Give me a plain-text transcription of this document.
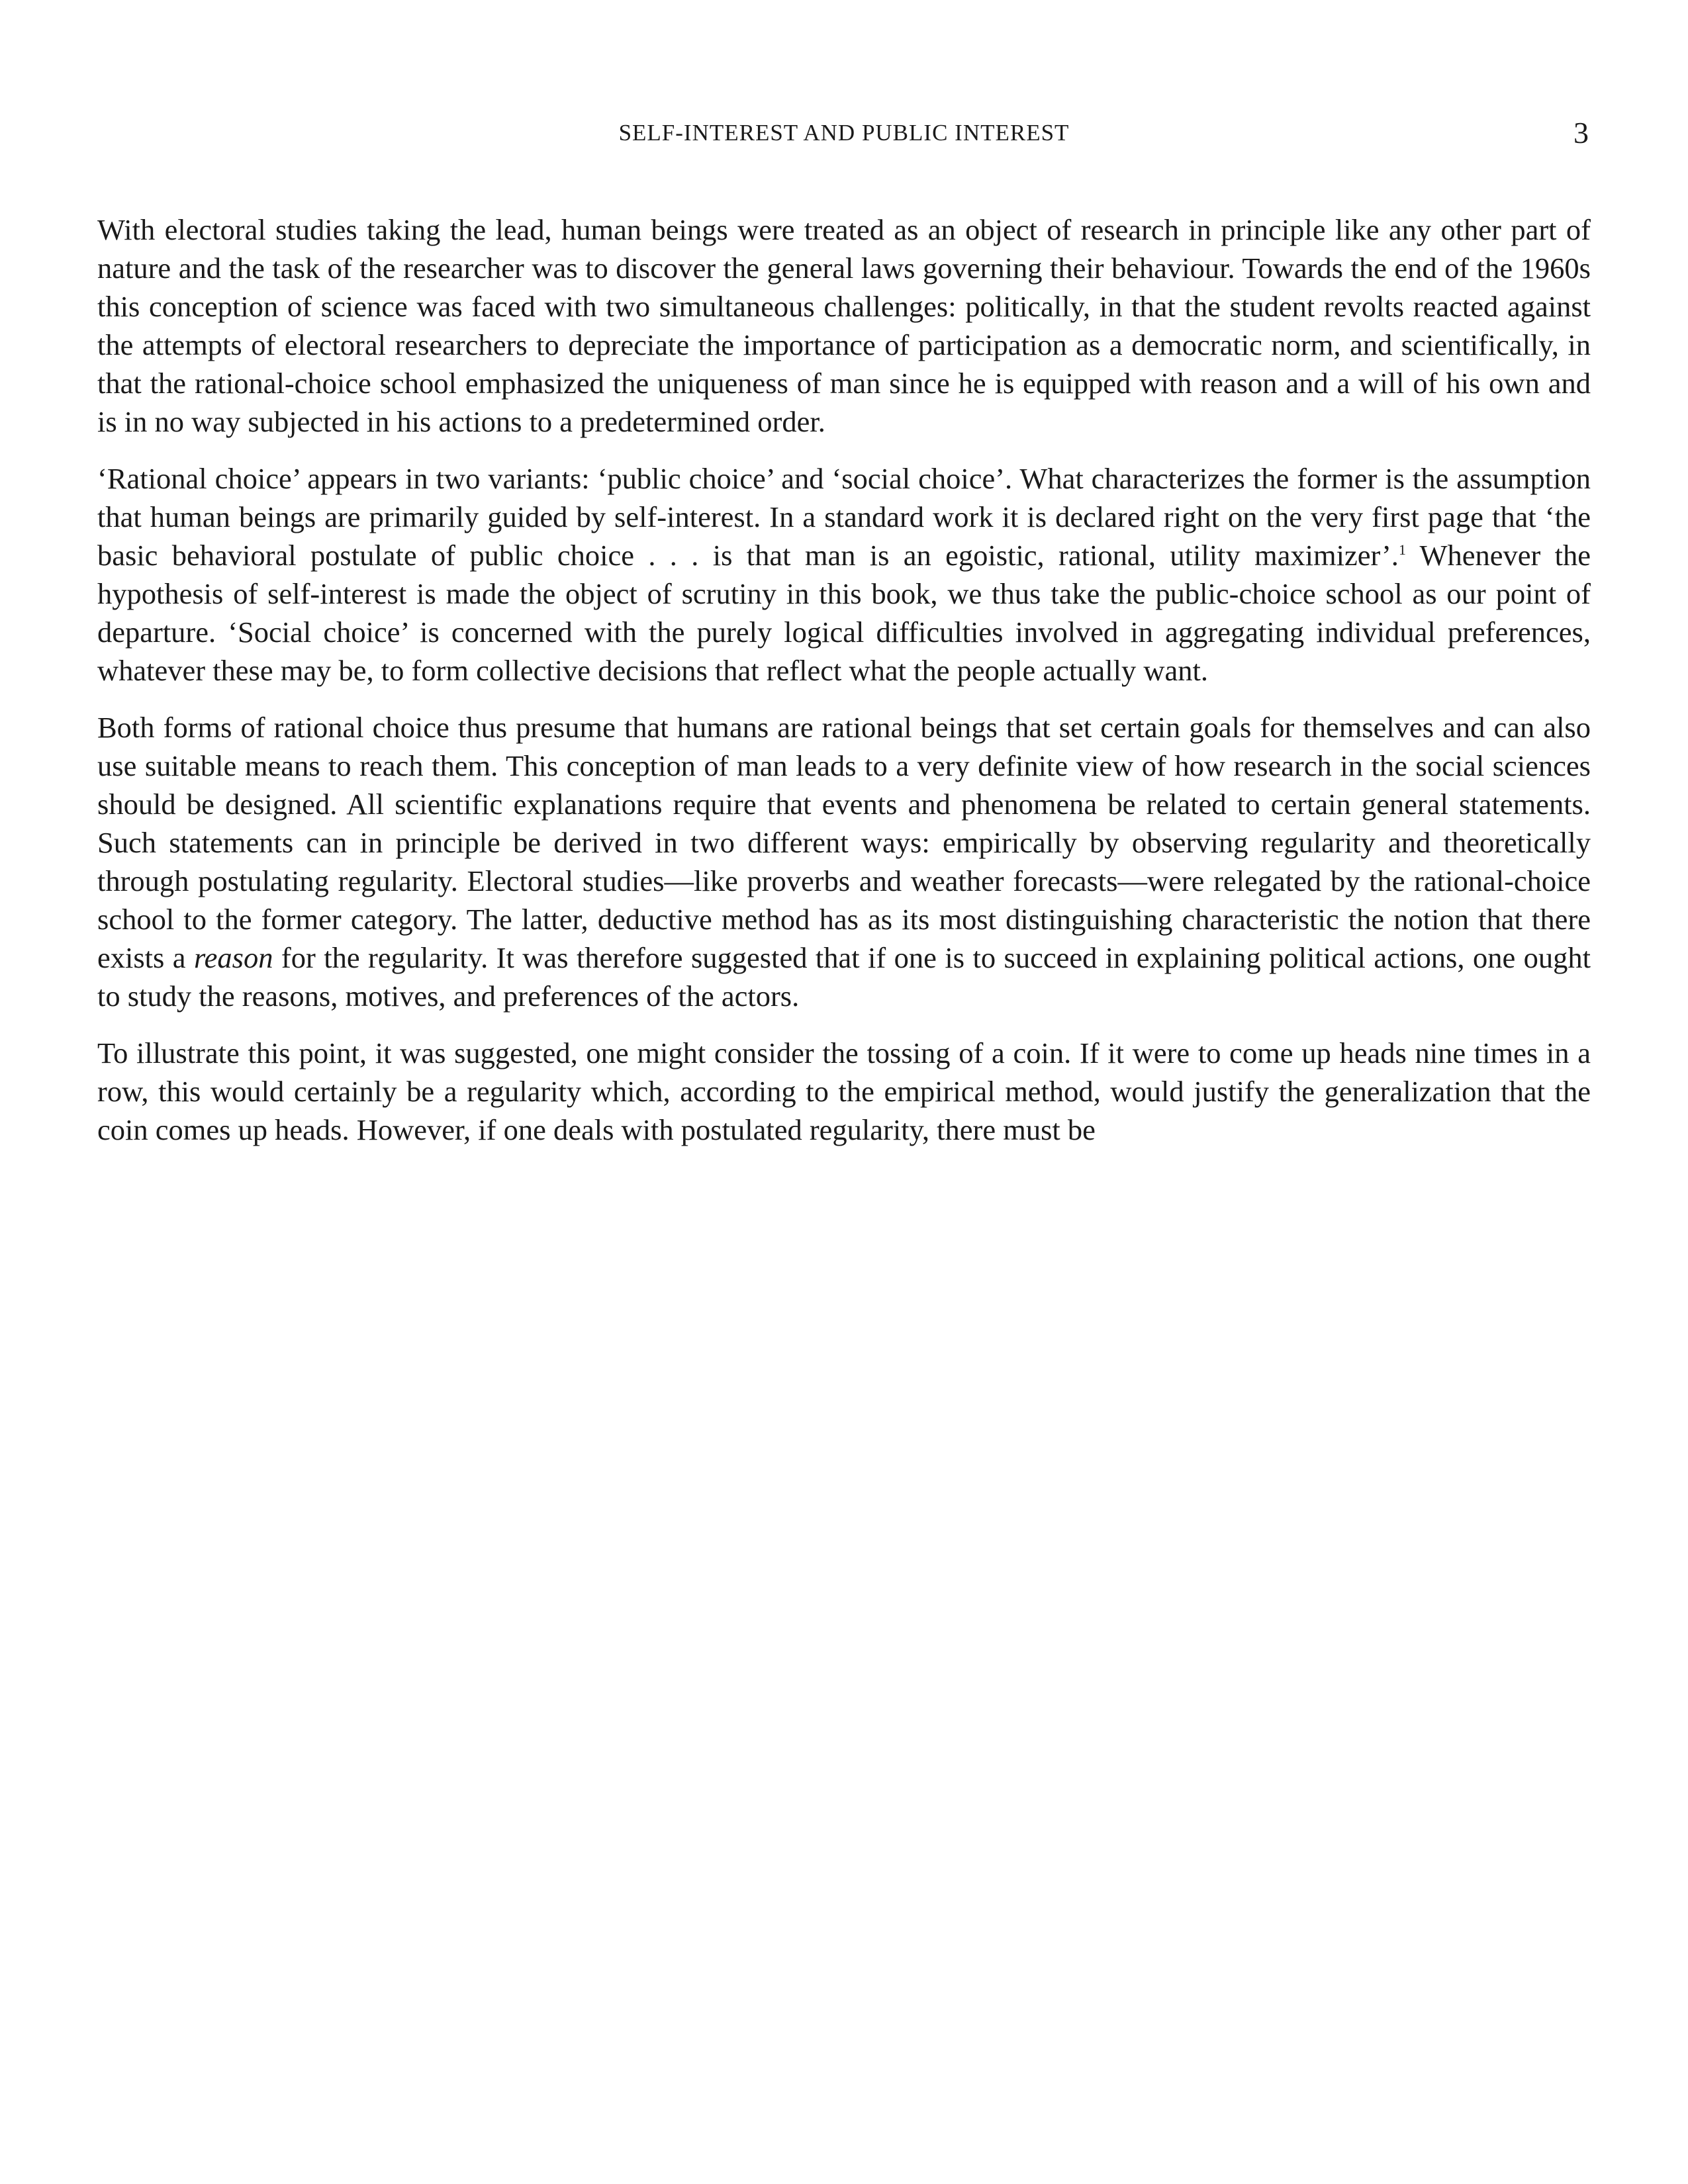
SELF-INTEREST AND PUBLIC INTEREST	3

With electoral studies taking the lead, human beings were treated as an object of research in principle like any other part of nature and the task of the researcher was to discover the general laws governing their behaviour. Towards the end of the 1960s this conception of science was faced with two simultaneous challenges: politically, in that the student revolts reacted against the attempts of electoral researchers to depreciate the importance of participation as a democratic norm, and scientifically, in that the rational-choice school emphasized the uniqueness of man since he is equipped with reason and a will of his own and is in no way subjected in his actions to a predetermined order.

‘Rational choice’ appears in two variants: ‘public choice’ and ‘social choice’. What characterizes the former is the assumption that human beings are primarily guided by self-interest. In a standard work it is declared right on the very first page that ‘the basic behavioral postulate of public choice . . . is that man is an egoistic, rational, utility maximizer’.$^1$ Whenever the hypothesis of self-interest is made the object of scrutiny in this book, we thus take the public-choice school as our point of departure. ‘Social choice’ is concerned with the purely logical difficulties involved in aggregating individual preferences, whatever these may be, to form collective decisions that reflect what the people actually want.

Both forms of rational choice thus presume that humans are rational beings that set certain goals for themselves and can also use suitable means to reach them. This conception of man leads to a very definite view of how research in the social sciences should be designed. All scientific explanations require that events and phenomena be related to certain general statements. Such statements can in principle be derived in two different ways: empirically by observing regularity and theoretically through postulating regularity. Electoral studies—like proverbs and weather forecasts—were relegated by the rational-choice school to the former category. The latter, deductive method has as its most distinguishing characteristic the notion that there exists a reason for the regularity. It was therefore suggested that if one is to succeed in explaining political actions, one ought to study the reasons, motives, and preferences of the actors.

To illustrate this point, it was suggested, one might consider the tossing of a coin. If it were to come up heads nine times in a row, this would certainly be a regularity which, according to the empirical method, would justify the generalization that the coin comes up heads. However, if one deals with postulated regularity, there must be
